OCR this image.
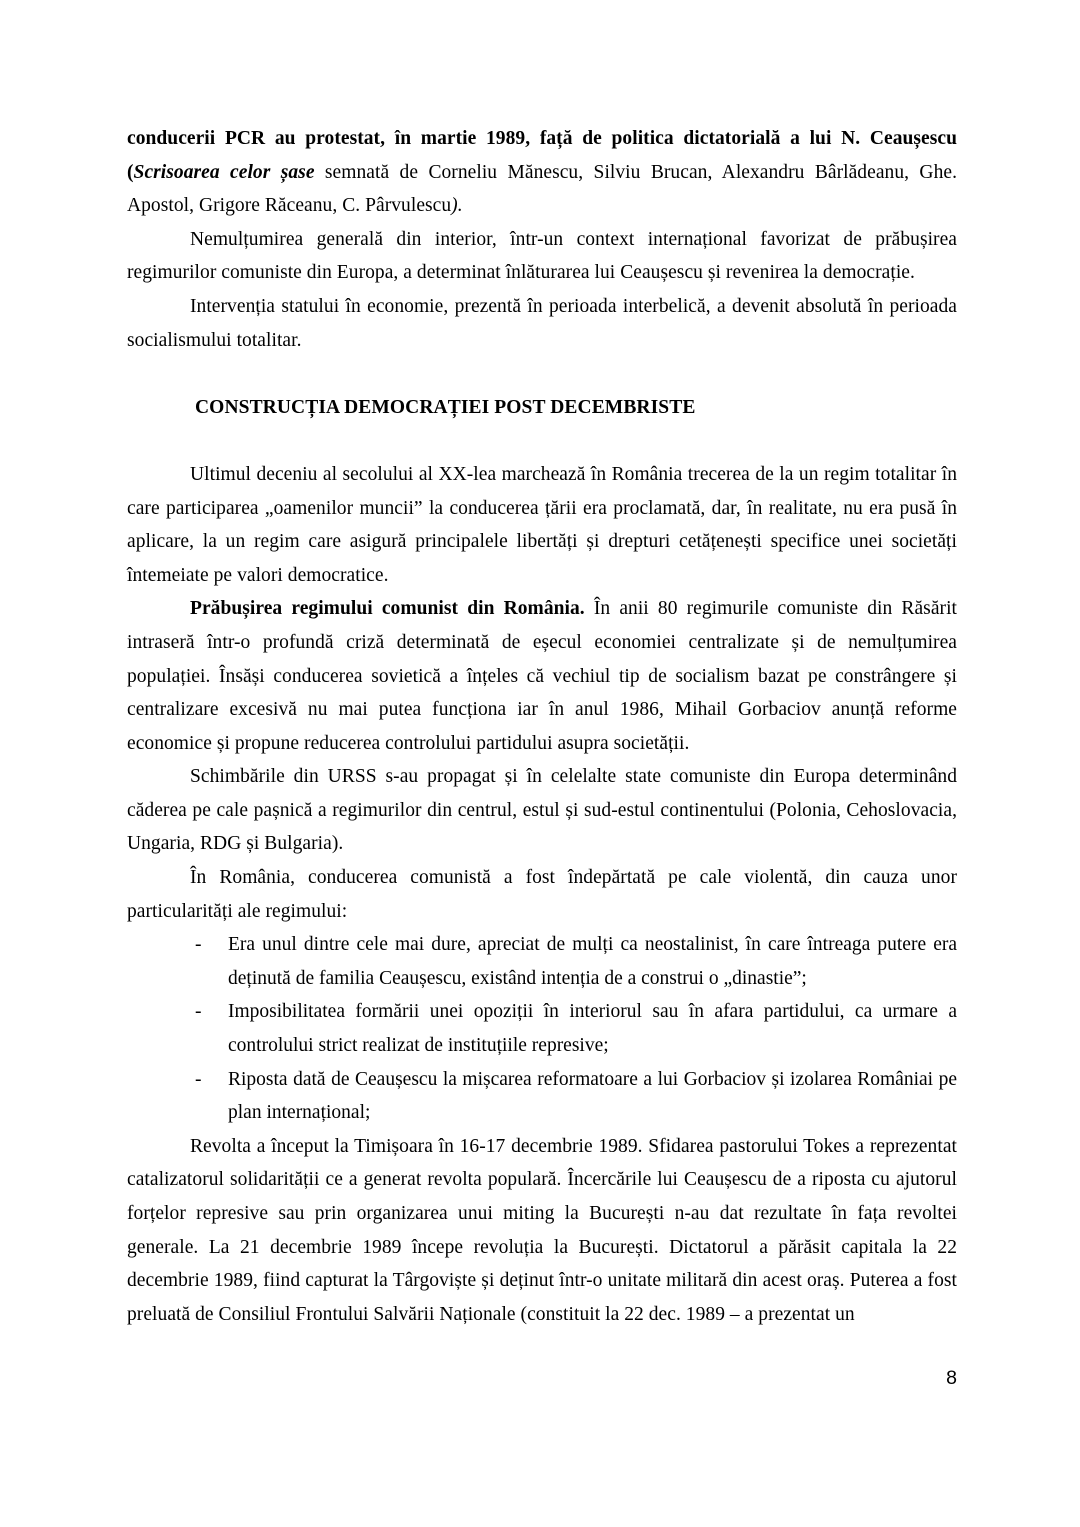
conducerii PCR au protestat, în martie 1989, față de politica dictatorială a lui N. Ceaușescu (Scrisoarea celor șase semnată de Corneliu Mănescu, Silviu Brucan, Alexandru Bârlădeanu, Ghe. Apostol, Grigore Răceanu, C. Pârvulescu).

Nemulțumirea generală din interior, într-un context internațional favorizat de prăbușirea regimurilor comuniste din Europa, a determinat înlăturarea lui Ceaușescu și revenirea la democrație.

Intervenția statului în economie, prezentă în perioada interbelică, a devenit absolută în perioada socialismului totalitar.

CONSTRUCȚIA DEMOCRAȚIEI POST DECEMBRISTE

Ultimul deceniu al secolului al XX-lea marchează în România trecerea de la un regim totalitar în care participarea „oamenilor muncii” la conducerea țării era proclamată, dar, în realitate, nu era pusă în aplicare, la un regim care asigură principalele libertăți și drepturi cetățenești specifice unei societăți întemeiate pe valori democratice.

Prăbușirea regimului comunist din România. În anii 80 regimurile comuniste din Răsărit intraseră într-o profundă criză determinată de eșecul economiei centralizate și de nemulțumirea populației. Însăși conducerea sovietică a înțeles că vechiul tip de socialism bazat pe constrângere și centralizare excesivă nu mai putea funcționa iar în anul 1986, Mihail Gorbaciov anunță reforme economice și propune reducerea controlului partidului asupra societății.

Schimbările din URSS s-au propagat și în celelalte state comuniste din Europa determinând căderea pe cale pașnică a regimurilor din centrul, estul și sud-estul continentului (Polonia, Cehoslovacia, Ungaria, RDG și Bulgaria).

În România, conducerea comunistă a fost îndepărtată pe cale violentă, din cauza unor particularități ale regimului:

- Era unul dintre cele mai dure, apreciat de mulți ca neostalinist, în care întreaga putere era deținută de familia Ceaușescu, existând intenția de a construi o „dinastie”;
- Imposibilitatea formării unei opoziții în interiorul sau în afara partidului, ca urmare a controlului strict realizat de instituțiile represive;
- Riposta dată de Ceaușescu la mișcarea reformatoare a lui Gorbaciov și izolarea Româniai pe plan internațional;

Revolta a început la Timișoara în 16-17 decembrie 1989. Sfidarea pastorului Tokes a reprezentat catalizatorul solidarității ce a generat revolta populară. Încercările lui Ceaușescu de a riposta cu ajutorul forțelor represive sau prin organizarea unui miting la București n-au dat rezultate în fața revoltei generale. La 21 decembrie 1989 începe revoluția la București. Dictatorul a părăsit capitala la 22 decembrie 1989, fiind capturat la Târgoviște și deținut într-o unitate militară din acest oraș. Puterea a fost preluată de Consiliul Frontului Salvării Naționale (constituit la 22 dec. 1989 – a prezentat un

8
